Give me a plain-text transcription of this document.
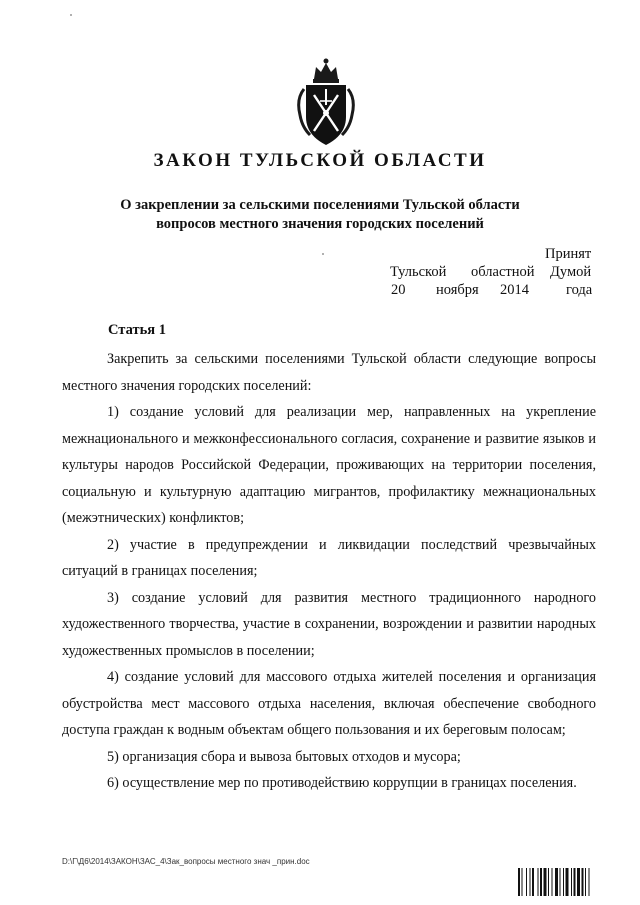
ЗАКОН ТУЛЬСКОЙ ОБЛАСТИ
О закреплении за сельскими поселениями Тульской области
вопросов местного значения городских поселений
Принят
Тульской областной Думой
20 ноября 2014	года
Статья 1

Закрепить за сельскими поселениями Тульской области следующие вопросы местного значения городских поселений:

1) создание условий для реализации мер, направленных на укрепление межнационального и межконфессионального согласия, сохранение и развитие языков и культуры народов Российской Федерации, проживающих на территории поселения, социальную и культурную адаптацию мигрантов, профилактику межнациональных (межэтнических) конфликтов;

2) участие в предупреждении и ликвидации последствий чрезвычайных ситуаций в границах поселения;

3) создание условий для развития местного традиционного народного художественного творчества, участие в сохранении, возрождении и развитии народных художественных промыслов в поселении;

4) создание условий для массового отдыха жителей поселения и организация обустройства мест массового отдыха населения, включая обеспечение свободного доступа граждан к водным объектам общего пользования и их береговым полосам;

5) организация сбора и вывоза бытовых отходов и мусора;

6) осуществление мер по противодействию коррупции в границах поселения.

D:\Г\Д6\2014\ЗАКОН\ЗАС_4\Зак_вопросы местного знач _прин.doc
